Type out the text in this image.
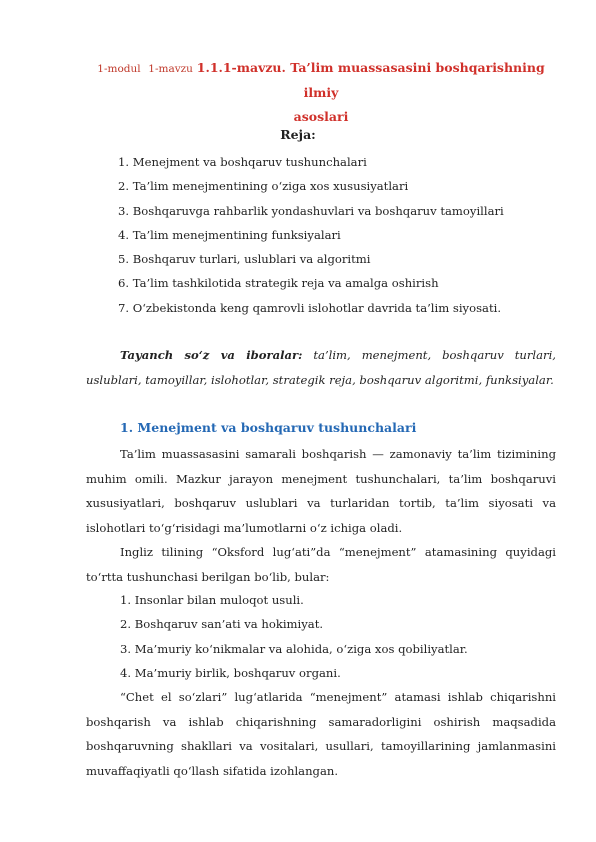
1-modul 1-mavzu 1.1.1-mavzu. Ta’lim muassasasini boshqarishning ilmiy
asoslari
Reja:
1. Menejment va boshqaruv tushunchalari
2. Ta’lim menejmentining o‘ziga xos xususiyatlari
3. Boshqaruvga rahbarlik yondashuvlari va boshqaruv tamoyillari
4. Ta’lim menejmentining funksiyalari
5. Boshqaruv turlari, uslublari va algoritmi
6. Ta’lim tashkilotida strategik reja va amalga oshirish
7. O‘zbekistonda keng qamrovli islohotlar davrida ta’lim siyosati.

Tayanch so‘z va iboralar: ta’lim, menejment, boshqaruv turlari, uslublari, tamoyillar, islohotlar, strategik reja, boshqaruv algoritmi, funksiyalar.

1. Menejment va boshqaruv tushunchalari

Ta’lim muassasasini samarali boshqarish — zamonaviy ta’lim tizimining muhim omili. Mazkur jarayon menejment tushunchalari, ta’lim boshqaruvi xususiyatlari, boshqaruv uslublari va turlaridan tortib, ta’lim siyosati va islohotlari to‘g‘risidagi ma’lumotlarni o‘z ichiga oladi.

Ingliz tilining “Oksford lug‘ati”da “menejment” atamasining quyidagi to‘rtta tushunchasi berilgan bo‘lib, bular:

1. Insonlar bilan muloqot usuli.
2. Boshqaruv san’ati va hokimiyat.
3. Ma’muriy ko‘nikmalar va alohida, o‘ziga xos qobiliyatlar.
4. Ma’muriy birlik, boshqaruv organi.

“Chet el so‘zlari” lug‘atlarida “menejment” atamasi ishlab chiqarishni boshqarish va ishlab chiqarishning samaradorligini oshirish maqsadida boshqaruvning shakllari va vositalari, usullari, tamoyillarining jamlanmasini muvaffaqiyatli qo‘llash sifatida izohlangan.
